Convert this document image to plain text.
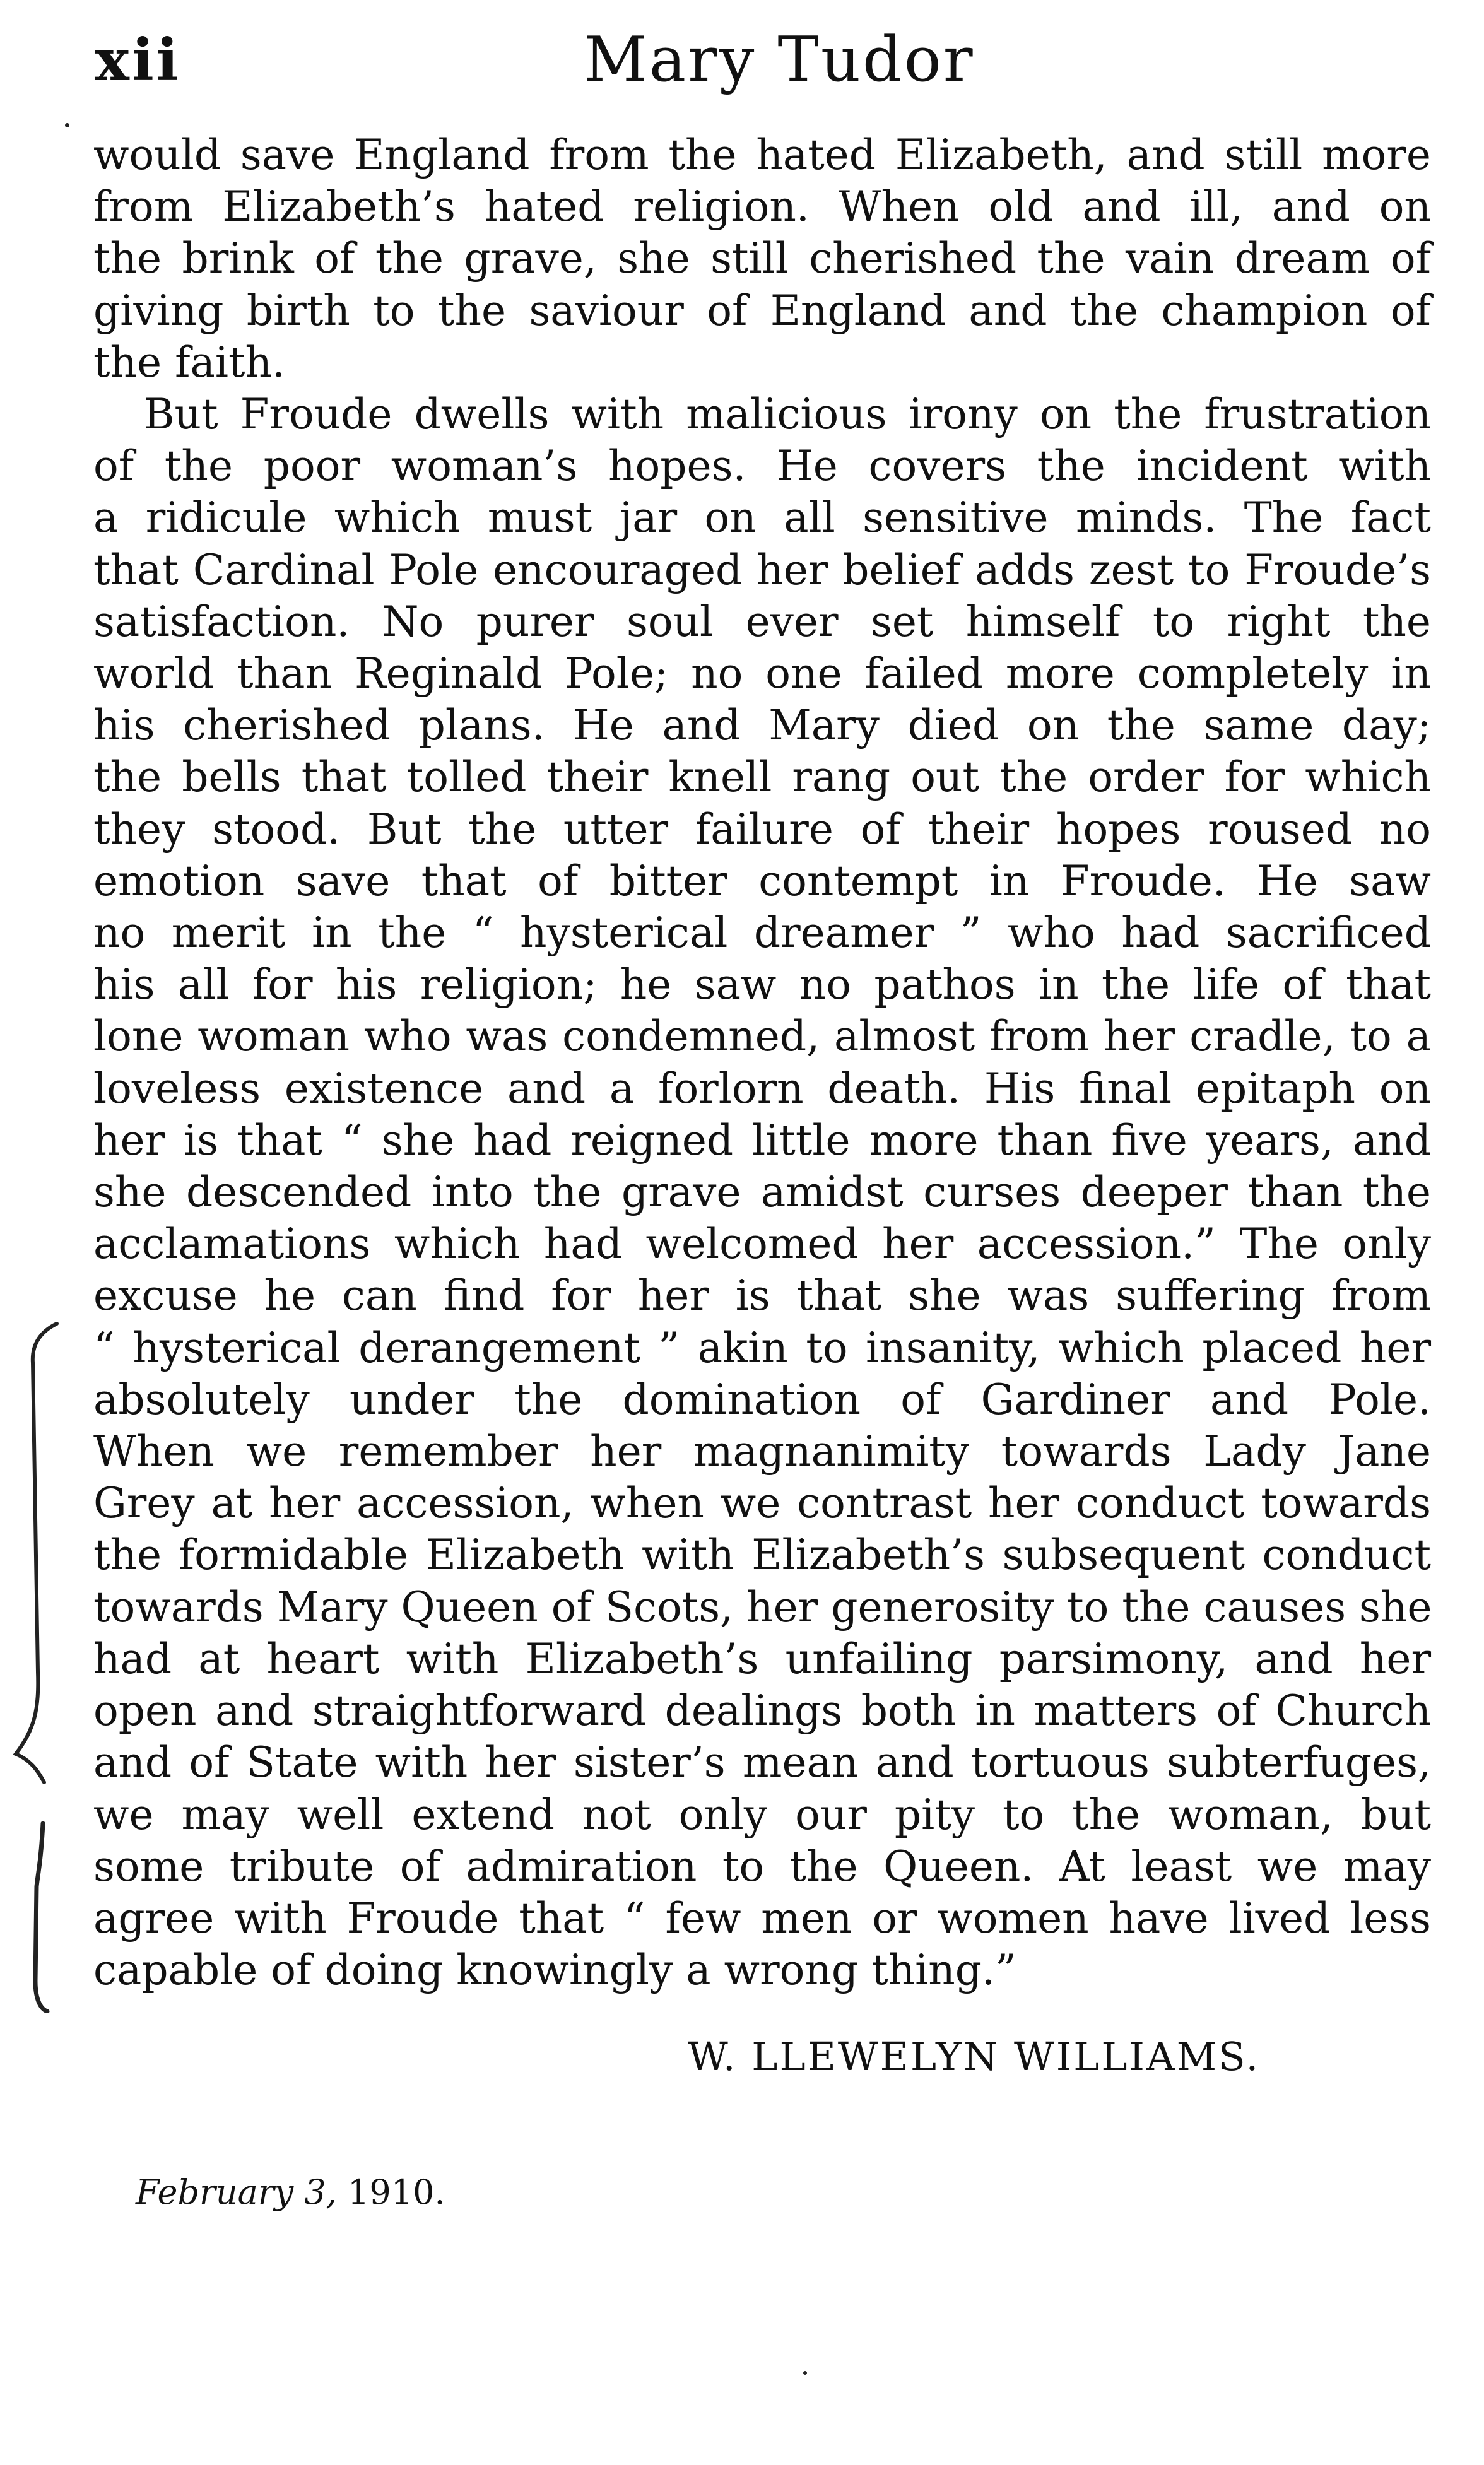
xii	Mary Tudor
would save England from the hated Elizabeth, and still more
from Elizabeth’s hated religion. When old and ill, and on
the brink of the grave, she still cherished the vain dream of
giving birth to the saviour of England and the champion of
the faith.
But Froude dwells with malicious irony on the frustration
of the poor woman’s hopes. He covers the incident with
a ridicule which must jar on all sensitive minds. The fact
that Cardinal Pole encouraged her belief adds zest to Froude’s
satisfaction. No purer soul ever set himself to right the
world than Reginald Pole; no one failed more completely in
his cherished plans. He and Mary died on the same day;
the bells that tolled their knell rang out the order for which
they stood. But the utter failure of their hopes roused no
emotion save that of bitter contempt in Froude. He saw
no merit in the “ hysterical dreamer ” who had sacrificed
his all for his religion; he saw no pathos in the life of that
lone woman who was condemned, almost from her cradle, to a
loveless existence and a forlorn death. His final epitaph on
her is that “ she had reigned little more than five years, and
she descended into the grave amidst curses deeper than the
acclamations which had welcomed her accession.” The only
excuse he can find for her is that she was suffering from
“ hysterical derangement ” akin to insanity, which placed her
absolutely under the domination of Gardiner and Pole.
When we remember her magnanimity towards Lady Jane
Grey at her accession, when we contrast her conduct towards
the formidable Elizabeth with Elizabeth’s subsequent conduct
towards Mary Queen of Scots, her generosity to the causes she
had at heart with Elizabeth’s unfailing parsimony, and her
open and straightforward dealings both in matters of Church
and of State with her sister’s mean and tortuous subterfuges,
we may well extend not only our pity to the woman, but
some tribute of admiration to the Queen. At least we may
agree with Froude that “ few men or women have lived less
capable of doing knowingly a wrong thing.”
W. LLEWELYN WILLIAMS.
February 3, 1910.
